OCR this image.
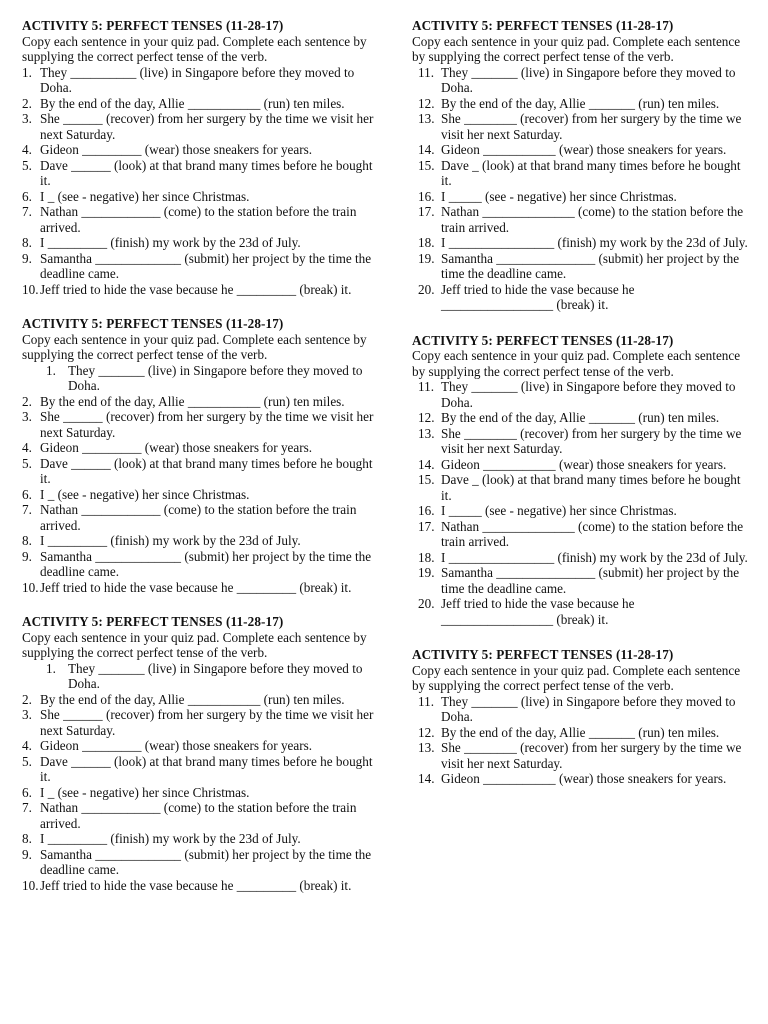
ACTIVITY 5: PERFECT TENSES (11-28-17)
Copy each sentence in your quiz pad. Complete each sentence by supplying the correct perfect tense of the verb.
1. They __________ (live) in Singapore before they moved to Doha.
2. By the end of the day, Allie ___________ (run) ten miles.
3. She ______ (recover) from her surgery by the time we visit her next Saturday.
4. Gideon _________ (wear) those sneakers for years.
5. Dave ______ (look) at that brand many times before he bought it.
6. I _ (see - negative) her since Christmas.
7. Nathan ____________ (come) to the station before the train arrived.
8. I _________ (finish) my work by the 23d of July.
9. Samantha _____________ (submit) her project by the time the deadline came.
10. Jeff tried to hide the vase because he _________ (break) it.
ACTIVITY 5: PERFECT TENSES (11-28-17)
Copy each sentence in your quiz pad. Complete each sentence by supplying the correct perfect tense of the verb.
1. They _______ (live) in Singapore before they moved to Doha.
2. By the end of the day, Allie ___________ (run) ten miles.
3. She ______ (recover) from her surgery by the time we visit her next Saturday.
4. Gideon _________ (wear) those sneakers for years.
5. Dave ______ (look) at that brand many times before he bought it.
6. I _ (see - negative) her since Christmas.
7. Nathan ____________ (come) to the station before the train arrived.
8. I _________ (finish) my work by the 23d of July.
9. Samantha _____________ (submit) her project by the time the deadline came.
10. Jeff tried to hide the vase because he _________ (break) it.
ACTIVITY 5: PERFECT TENSES (11-28-17)
Copy each sentence in your quiz pad. Complete each sentence by supplying the correct perfect tense of the verb.
1. They _______ (live) in Singapore before they moved to Doha.
2. By the end of the day, Allie ___________ (run) ten miles.
3. She ______ (recover) from her surgery by the time we visit her next Saturday.
4. Gideon _________ (wear) those sneakers for years.
5. Dave ______ (look) at that brand many times before he bought it.
6. I _ (see - negative) her since Christmas.
7. Nathan ____________ (come) to the station before the train arrived.
8. I _________ (finish) my work by the 23d of July.
9. Samantha _____________ (submit) her project by the time the deadline came.
10. Jeff tried to hide the vase because he _________ (break) it.
ACTIVITY 5: PERFECT TENSES (11-28-17)
Copy each sentence in your quiz pad. Complete each sentence by supplying the correct perfect tense of the verb.
11. They _______ (live) in Singapore before they moved to Doha.
12. By the end of the day, Allie _______ (run) ten miles.
13. She ________ (recover) from her surgery by the time we visit her next Saturday.
14. Gideon ___________ (wear) those sneakers for years.
15. Dave _ (look) at that brand many times before he bought it.
16. I _____ (see - negative) her since Christmas.
17. Nathan ______________ (come) to the station before the train arrived.
18. I ________________ (finish) my work by the 23d of July.
19. Samantha _______________ (submit) her project by the time the deadline came.
20. Jeff tried to hide the vase because he _________________ (break) it.
ACTIVITY 5: PERFECT TENSES (11-28-17)
Copy each sentence in your quiz pad. Complete each sentence by supplying the correct perfect tense of the verb.
11. They _______ (live) in Singapore before they moved to Doha.
12. By the end of the day, Allie _______ (run) ten miles.
13. She ________ (recover) from her surgery by the time we visit her next Saturday.
14. Gideon ___________ (wear) those sneakers for years.
15. Dave _ (look) at that brand many times before he bought it.
16. I _____ (see - negative) her since Christmas.
17. Nathan ______________ (come) to the station before the train arrived.
18. I ________________ (finish) my work by the 23d of July.
19. Samantha _______________ (submit) her project by the time the deadline came.
20. Jeff tried to hide the vase because he _________________ (break) it.
ACTIVITY 5: PERFECT TENSES (11-28-17)
Copy each sentence in your quiz pad. Complete each sentence by supplying the correct perfect tense of the verb.
11. They _______ (live) in Singapore before they moved to Doha.
12. By the end of the day, Allie _______ (run) ten miles.
13. She ________ (recover) from her surgery by the time we visit her next Saturday.
14. Gideon ___________ (wear) those sneakers for years.
